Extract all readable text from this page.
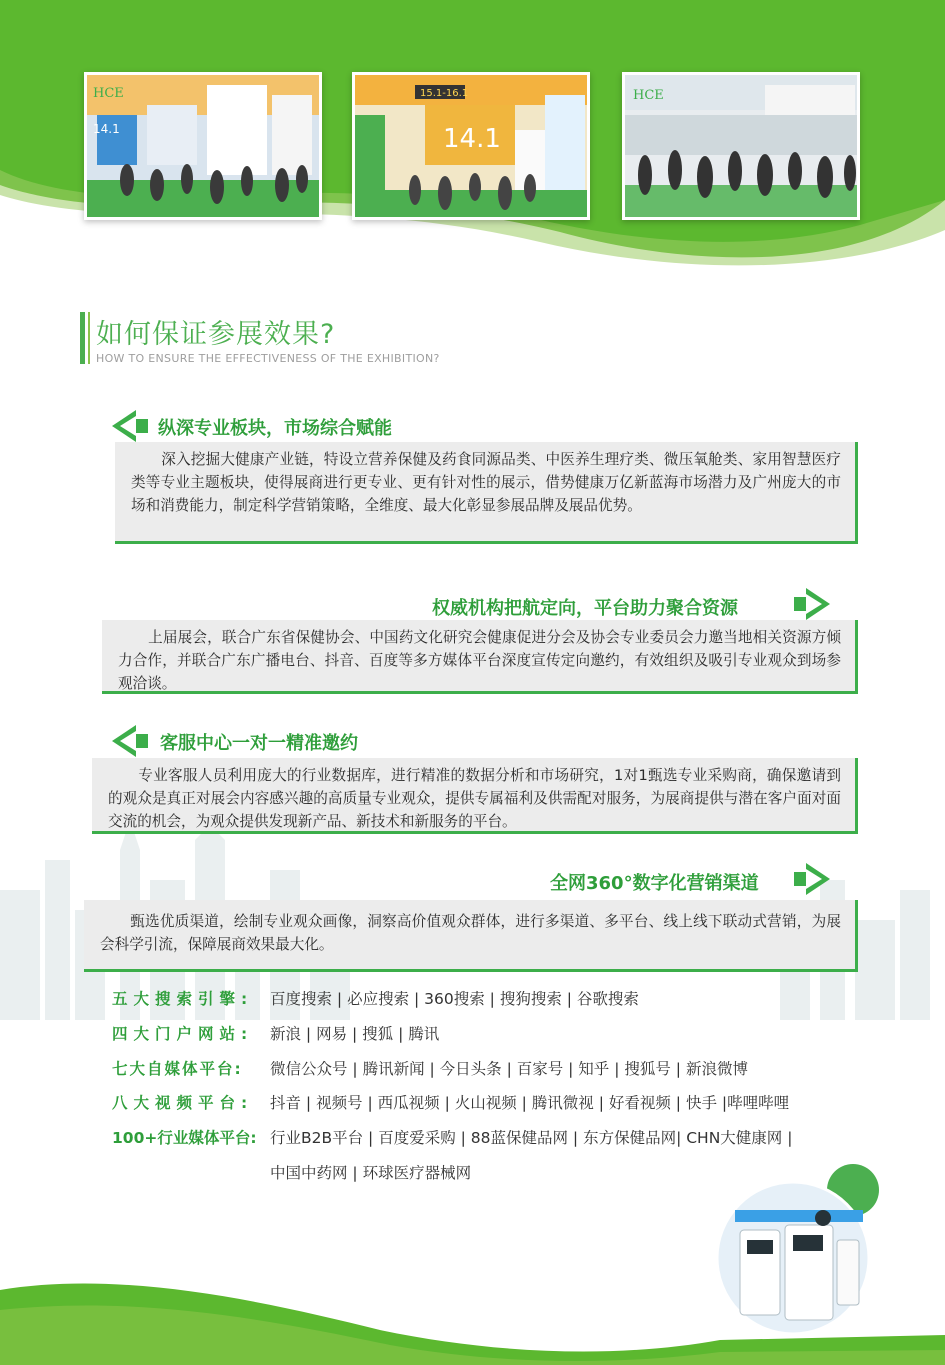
HCE
14.1
15.1-16.1
14.1
HCE
如何保证参展效果?
HOW TO ENSURE THE EFFECTIVENESS OF THE EXHIBITION?
纵深专业板块，市场综合赋能
深入挖掘大健康产业链，特设立营养保健及药食同源品类、中医养生理疗类、微压氧舱类、家用智慧医疗类等专业主题板块，使得展商进行更专业、更有针对性的展示，借势健康万亿新蓝海市场潜力及广州庞大的市场和消费能力，制定科学营销策略，全维度、最大化彰显参展品牌及展品优势。
权威机构把航定向，平台助力聚合资源
上届展会，联合广东省保健协会、中国药文化研究会健康促进分会及协会专业委员会力邀当地相关资源方倾力合作，并联合广东广播电台、抖音、百度等多方媒体平台深度宣传定向邀约，有效组织及吸引专业观众到场参观洽谈。
客服中心一对一精准邀约
专业客服人员利用庞大的行业数据库，进行精准的数据分析和市场研究，1对1甄选专业采购商，确保邀请到的观众是真正对展会内容感兴趣的高质量专业观众，提供专属福利及供需配对服务，为展商提供与潜在客户面对面交流的机会，为观众提供发现新产品、新技术和新服务的平台。
全网360°数字化营销渠道
甄选优质渠道，绘制专业观众画像，洞察高价值观众群体，进行多渠道、多平台、线上线下联动式营销，为展会科学引流，保障展商效果最大化。
五大搜索引擎: 百度搜索 | 必应搜索 | 360搜索 | 搜狗搜索 | 谷歌搜索
四大门户网站: 新浪 | 网易 | 搜狐 | 腾讯
七大自媒体平台: 微信公众号 | 腾讯新闻 | 今日头条 | 百家号 | 知乎 | 搜狐号 | 新浪微博
八大视频平台: 抖音 | 视频号 | 西瓜视频 | 火山视频 | 腾讯微视 | 好看视频 | 快手 |哔哩哔哩
100+行业媒体平台: 行业B2B平台 | 百度爱采购 | 88蓝保健品网 | 东方保健品网| CHN大健康网 |
中国中药网 | 环球医疗器械网
